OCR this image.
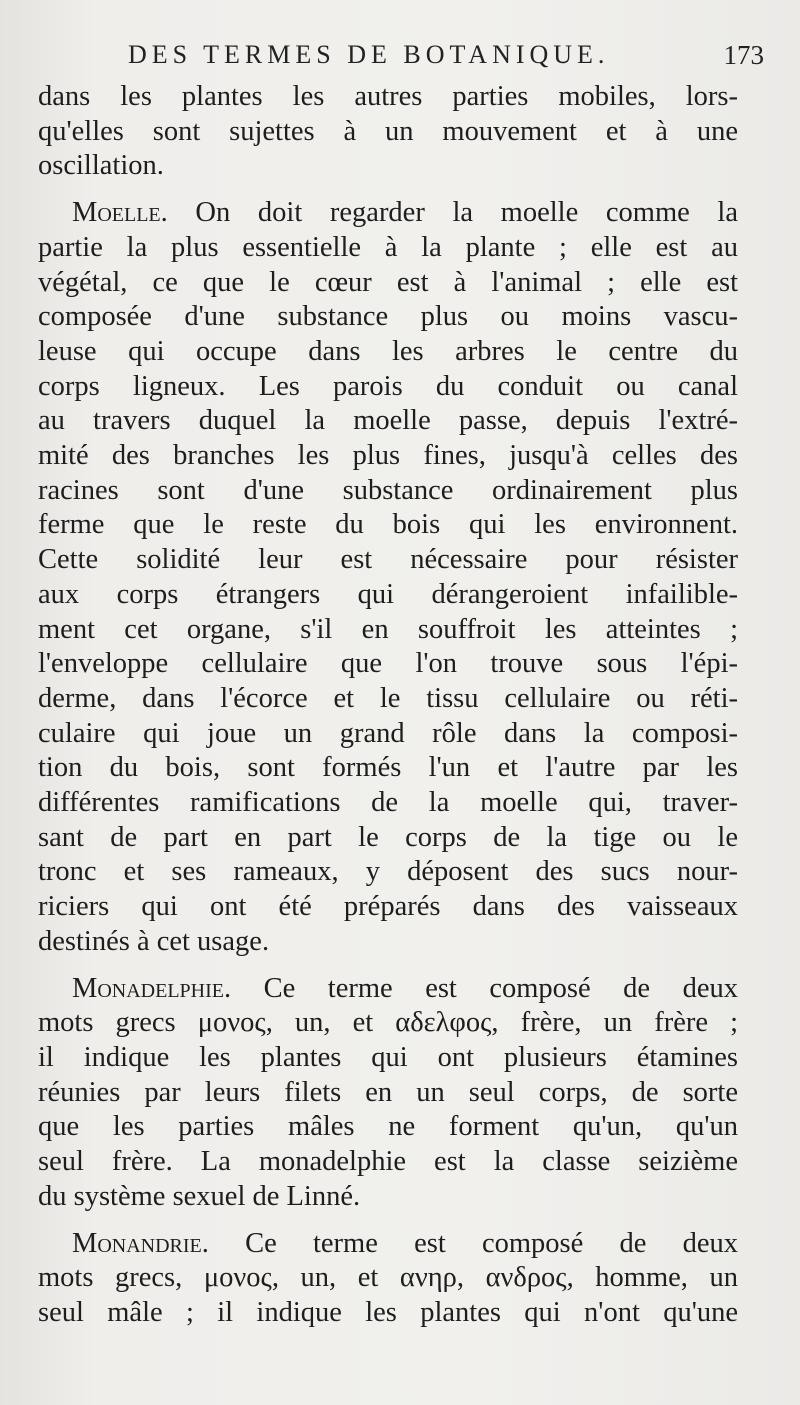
DES TERMES DE BOTANIQUE.	173
dans les plantes les autres parties mobiles, lors-
qu'elles sont sujettes à un mouvement et à une
oscillation.
Moelle. On doit regarder la moelle comme la
partie la plus essentielle à la plante ; elle est au
végétal, ce que le cœur est à l'animal ; elle est
composée d'une substance plus ou moins vascu-
leuse qui occupe dans les arbres le centre du
corps ligneux. Les parois du conduit ou canal
au travers duquel la moelle passe, depuis l'extré-
mité des branches les plus fines, jusqu'à celles des
racines sont d'une substance ordinairement plus
ferme que le reste du bois qui les environnent.
Cette solidité leur est nécessaire pour résister
aux corps étrangers qui dérangeroient infailible-
ment cet organe, s'il en souffroit les atteintes ;
l'enveloppe cellulaire que l'on trouve sous l'épi-
derme, dans l'écorce et le tissu cellulaire ou réti-
culaire qui joue un grand rôle dans la composi-
tion du bois, sont formés l'un et l'autre par les
différentes ramifications de la moelle qui, traver-
sant de part en part le corps de la tige ou le
tronc et ses rameaux, y déposent des sucs nour-
riciers qui ont été préparés dans des vaisseaux
destinés à cet usage.
Monadelphie. Ce terme est composé de deux
mots grecs μονος, un, et αδελφος, frère, un frère ;
il indique les plantes qui ont plusieurs étamines
réunies par leurs filets en un seul corps, de sorte
que les parties mâles ne forment qu'un, qu'un
seul frère. La monadelphie est la classe seizième
du système sexuel de Linné.
Monandrie. Ce terme est composé de deux
mots grecs, μονος, un, et ανηρ, ανδρος, homme, un
seul mâle ; il indique les plantes qui n'ont qu'une
